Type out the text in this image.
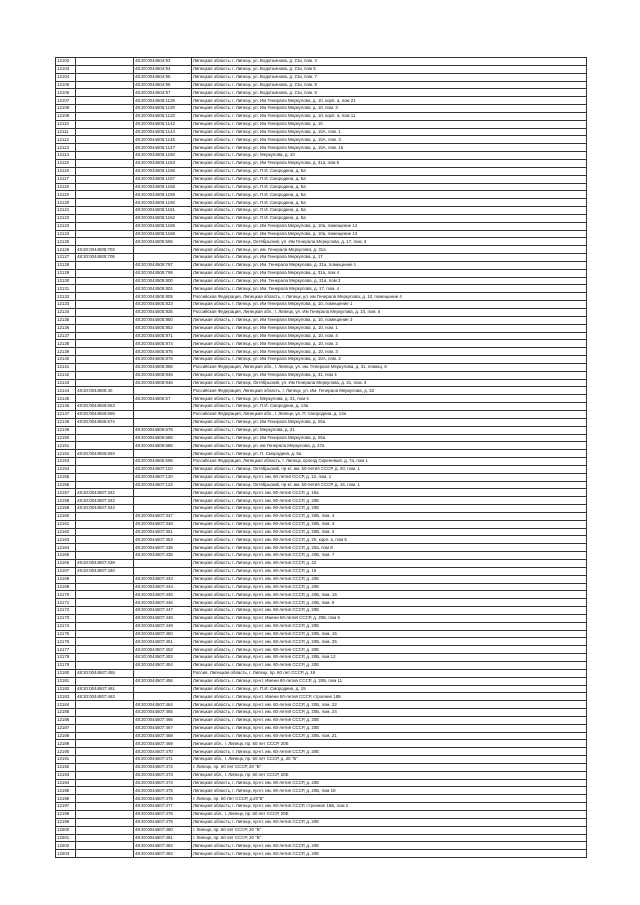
12102		48:20:0044504:93	Липецкая область, г. Липецк, ул. Водопьянова, д. 21а, пом. 4
12103		48:20:0044504:94	Липецкая область, г. Липецк, ул. Водопьянова, д. 21а, пом 5
12104		48:20:0044504:95	Липецкая область, г. Липецк, ул. Водопьянова, д. 21а, пом. 7
12105		48:20:0044504:96	Липецкая область, г. Липецк, ул. Водопьянова, д. 21а, пом. 8
12106		48:20:0044504:97	Липецкая область, г. Липецк, ул. Водопьянова, д. 21а, пом. 6
12107		48:20:0044505:1126	Липецкая область, г. Липецк, ул. Им Генерала Меркулова, д. 10, корп. а, пом 21
12108		48:20:0044505:1130	Липецкая область, г. Липецк, ул. Им Генерала Меркулова, д. 10, пом. 3
12109		48:20:0044505:1132	Липецкая область, г. Липецк, ул. Им Генерала Меркулова, д. 10, корп. а, пом 11
12110		48:20:0044505:1143	Липецкая область, г. Липецк, ул. Им Генерала Меркулова, д. 10
12111		48:20:0044505:1144	Липецкая область, г. Липецк, ул. Им Генерала Меркулова, д. 10А, пом. 1
12112		48:20:0044505:1145	Липецкая область, г. Липецк, ул. Им Генерала Меркулова, д. 10А, пом. 3
12113		48:20:0044505:1147	Липецкая область, г. Липецк, ул. Им Генерала Меркулова, д. 10А, пом. 15
12114		48:20:0044505:1150	Липецкая область, г. Липецк, ул. Меркулова, д. 10
12115		48:20:0044505:1153	Липецкая область, г. Липецк, ул. Им Генерала Меркулова, д. 31а, пом 6
12116		48:20:0044505:1156	Липецкая область, г. Липецк, ул. П.И. Смородина, д. 5а
12117		48:20:0044505:1157	Липецкая область, г. Липецк, ул. П.И. Смородина, д. 5а
12118		48:20:0044505:1158	Липецкая область, г. Липецк, ул. П.И. Смородина, д. 5а
12119		48:20:0044505:1159	Липецкая область, г. Липецк, ул. П.И. Смородина, д. 5а
12120		48:20:0044505:1160	Липецкая область, г. Липецк, ул. П.И. Смородина, д. 5а
12121		48:20:0044505:1161	Липецкая область, г. Липецк, ул. П.И. Смородина, д. 5а
12122		48:20:0044505:1162	Липецкая область, г. Липецк, ул. П.И. Смородина, д. 5а
12123		48:20:0044505:1165	Липецкая область, г. Липецк, ул. Им Генерала Меркулова, д. 10а, помещение 12
12124		48:20:0044505:1166	Липецкая область, г. Липецк, ул. Им Генерала Меркулова, д. 10а, помещение 13
12125		48:20:0044505:556	Липецкая область, г. Липецк, Октябрьский, ул. Им Генерала Меркулова, д. 17, пом. 3
12126	48:20:0044505:703		Липецкая область, г. Липецк, ул. им. Генерала Меркулова, д. 31а
12127	48:20:0044505:705		Липецкая область, г. Липецк, ул. Им Генерала Меркулова, д. 17
12128		48:20:0044505:797	Липецкая область, г. Липецк, ул. Им. Генерала Меркулова, д. 31а, помещение 1
12129		48:20:0044505:799	Липецкая область, г. Липецк, ул. Им Генерала Меркулова, д. 31а, пом 4
12130		48:20:0044505:800	Липецкая область, г. Липецк, ул. Им. Генерала Меркулова, д. 31а, пом 3
12131		48:20:0044505:801	Липецкая область, г. Липецк, ул. Им. Генерала Меркулова, д. 17, пом. 4
12132		48:20:0044505:805	Российская Федерация, Липецкая область, г. Липецк, ул. им Генерала Меркулова, д. 10, помещение 4
12133		48:20:0044505:823	Липецкая область, г. Липецк, ул. Им Генерала Меркулова, д. 10, помещение 1
12134		48:20:0044505:835	Российская Федерация, Липецкая обл., г. Липецк, ул. Им Генерала Меркулова, д. 10, пом. 5
12135		48:20:0044505:850	Липецкая область, г. Липецк, ул. Им Генерала Меркулова, д. 10, помещение 3
12136		48:20:0044505:852	Липецкая область, г. Липецк, ул. Им Генерала Меркулова, д. 10, пом. 1
12137		48:20:0044505:871	Липецкая область, г. Липецк, ул. Им Генерала Меркулова, д. 10, пом. 4
12138		48:20:0044505:874	Липецкая область, г. Липецк, ул. Им Генерала Меркулова, д. 10, пом. 2
12139		48:20:0044505:875	Липецкая область, г. Липецк, ул. Им Генерала Меркулова, д. 10, пом. 3
12140		48:20:0044505:876	Липецкая область, г. Липецк, ул. Им Генерала Меркулова, д. 10А, пом. 2
12141		48:20:0044505:885	Российская Федерация, Липецкая обл., г. Липецк, ул. им. Генерала Меркулова, д. 31, помещ. 6
12142		48:20:0044505:945	Липецкая область, г. Липецк, ул. Им Генерала Меркулова, д. 31, пом 4
12143		48:20:0044505:946	Липецкая область, г. Липецк, Октябрьский, ул. Им Генерала Меркулова, д. 31, пом. 3
12144	48:20:0044506:40		Российская Федерация, Липецкая область, г. Липецк, ул. Им. Генерала Меркулова, д. 32
12145		48:20:0044506:57	Липецкая область, г. Липецк, ул. Меркулова, д. 31, пом 4
12146	48:20:0044506:663		Липецкая область, г. Липецк, ул. П.И. Смородина, д. 13а
12147	48:20:0044506:665		Российская Федерация, Липецкая обл., г. Липецк, ул. П. Смородина, д. 13а
12148	48:20:0044506:674		Липецкая область, г. Липецк, ул. Им Генерала Меркулова, д. 25а
12149		48:20:0044506:678	Липецкая область, г. Липецк, ул. Меркулова, д. 31
12150		48:20:0044506:685	Липецкая область, г. Липецк, ул. Им Генерала Меркулова, д. 25а
12151		48:20:0044506:686	Липецкая область, г. Липецк, ул. им Генерала Меркулова, д. 27а
12152	48:20:0044506:693		Липецкая область, г. Липецк, ул. П. Смородина, д. 5а
12153		48:20:0044506:696	Российская Федерация, Липецкая область, г. Липецк, проезд Сиреневый, д. 7а, пом 1
12154		48:20:0044507:110	Липецкая область, г. Липецк, Октябрьский, пр-кт. им. 60-летия СССР, д. 20, пом. 1
12155		48:20:0044507:120	Липецкая область, г. Липецк, пр-кт. им. 60 летия СССР, д. 12, пом. 1
12156		48:20:0044507:122	Липецкая область, г. Липецк, Октябрьский, пр-кт. им. 60-летия СССР, д. 16, пом. 1
12157	48:20:0044507:342		Липецкая область, г. Липецк, пр-кт. им. 60-летия СССР, д. 18а
12158	48:20:0044507:343		Липецкая область, г. Липецк, пр-кт. им. 60-летия СССР, д. 20Е
12159	48:20:0044507:344		Липецкая область, г. Липецк, пр-кт. им. 60-летия СССР, д. 20Е
12160		48:20:0044507:347	Липецкая область, г. Липецк, пр-кт. им. 60-летия СССР, д. 20Б, пом. 4
12161		48:20:0044507:348	Липецкая область, г. Липецк, пр-кт. им. 60-летия СССР, д. 20Б, пом. 3
12162		48:20:0044507:351	Липецкая область, г. Липецк, пр-кт. им. 60-летия СССР, д. 20Б, пом. 2
12163		48:20:0044507:353	Липецкая область, г. Липецк, пр-кт. им. 60-летия СССР, д. 20, корп. а, пом 5
12164		48:20:0044507:435	Липецкая область, г. Липецк, пр-кт. им. 60-летия СССР, д. 20а, пом 8
12165		48:20:0044507:436	Липецкая область, г. Липецк, пр-кт. им. 60-летия СССР, д. 20Б, пом. 7
12166	48:20:0044507:439		Липецкая область, г. Липецк, пр-кт. им. 60-летия СССР, д. 22
12167	48:20:0044507:440		Липецкая область, г. Липецк, пр-кт. им. 60-летия СССР, д. 16
12168		48:20:0044507:443	Липецкая область, г. Липецк, пр-кт. им. 60-летия СССР, д. 20Е
12169		48:20:0044507:444	Липецкая область, г. Липецк, пр-кт. им. 60-летия СССР, д. 20Е
12170		48:20:0044507:445	Липецкая область, г. Липецк, пр-кт. им. 60-летия СССР, д. 20Б, пом. 15
12171		48:20:0044507:446	Липецкая область, г. Липецк, пр-кт. им. 60-летия СССР, д. 20Б, пом. 9
12172		48:20:0044507:447	Липецкая область, г. Липецк, пр-кт. им. 60-летия СССР, д. 20Е
12173		48:20:0044507:448	Липецкая область, г. Липецк, пр-кт. Имени 60-летия СССР, д. 20Б, пом 6
12174		48:20:0044507:449	Липецкая область, г. Липецк, пр-кт. им. 60-летия СССР, д. 20Е
12175		48:20:0044507:450	Липецкая область, г. Липецк, пр-кт. им. 60-летия СССР, д. 20Б, пом. 15
12176		48:20:0044507:451	Липецкая область, г. Липецк, пр-кт. им. 60-летия СССР, д. 20Б, пом. 25
12177		48:20:0044507:452	Липецкая область, г. Липецк, пр-кт. им. 60-летия СССР, д. 20Е
12178		48:20:0044507:453	Липецкая область, г. Липецк, пр-кт. им. 60-летия СССР, д. 20Б, пом 12
12179		48:20:0044507:454	Липецкая область, г. Липецк, пр-кт. им. 60-летия СССР, д. 20Е
12180	48:20:0044507:455		Россия, Липецкая область, г. Липецк, пр. 60 лет СССР, д. 18
12181		48:20:0044507:456	Липецкая область, г. Липецк, пр-кт. Имени 60-летия СССР, д. 20Б, пом 11
12182	48:20:0044507:461		Липецкая область, г. Липецк, ул. П.И. Смородина, д. 15
12183	48:20:0044507:463		Липецкая область, г. Липецк, пр-кт. Имени 60-летия СССР, строение 18Б
12184		48:20:0044507:464	Липецкая область, г. Липецк, пр-кт. им. 60-летия СССР, д. 20Б, пом. 22
12185		48:20:0044507:465	Липецкая область, г. Липецк, пр-кт. им. 60-летия СССР, д. 20Б, пом. 24
12186		48:20:0044507:466	Липецкая область, г. Липецк, пр-кт. им. 60-летия СССР, д. 20Е
12187		48:20:0044507:467	Липецкая область, г. Липецк, пр-кт. им. 60-летия СССР, д. 20Е
12188		48:20:0044507:468	Липецкая область, г. Липецк, пр-кт. им. 60-летия СССР, д. 20Б, пом. 21
12189		48:20:0044507:469	Липецкая обл., г. Липецк, пр. 60 лет СССР, 20Е
12190		48:20:0044507:470	Липецкая область, г. Липецк, пр-кт. им. 60-летия СССР, д. 20Е
12191		48:20:0044507:471	Липецкая обл., г. Липецк, пр. 60 лет СССР, д. 20 "Б"
12192		48:20:0044507:472	г. Липецк, пр. 60 лет СССР, 20 "Б"
12193		48:20:0044507:473	Липецкая обл., г. Липецк, пр. 60 лет СССР, 20Е
12194		48:20:0044507:474	Липецкая область, г. Липецк, пр-кт. им. 60-летия СССР, д. 20Е
12195		48:20:0044507:475	Липецкая область, г. Липецк, пр-кт. им. 60-летия СССР, д. 20Б, пом 18
12196		48:20:0044507:476	г. Липецк, пр. 60 Лет СССР, д.20"Б"
12197		48:20:0044507:477	Липецкая область, г. Липецк, пр-кт. им. 60-летия СССР, строение 18Б, пом 2
12198		48:20:0044507:478	Липецкая обл., г. Липецк, пр. 60 лет СССР, 20Е
12199		48:20:0044507:479	Липецкая область, г. Липецк, пр-кт. им. 60-летия СССР, д. 20Е
12200		48:20:0044507:480	г. Липецк, пр. 60 лет СССР, 20 "Б"
12201		48:20:0044507:481	г. Липецк, пр. 60 лет СССР, 20 "Б"
12202		48:20:0044507:482	Липецкая область, г. Липецк, пр-кт. им. 60-летия СССР, д. 20Е
12203		48:20:0044507:483	Липецкая область, г. Липецк, пр-кт. им. 60-летия СССР, д. 20Е
